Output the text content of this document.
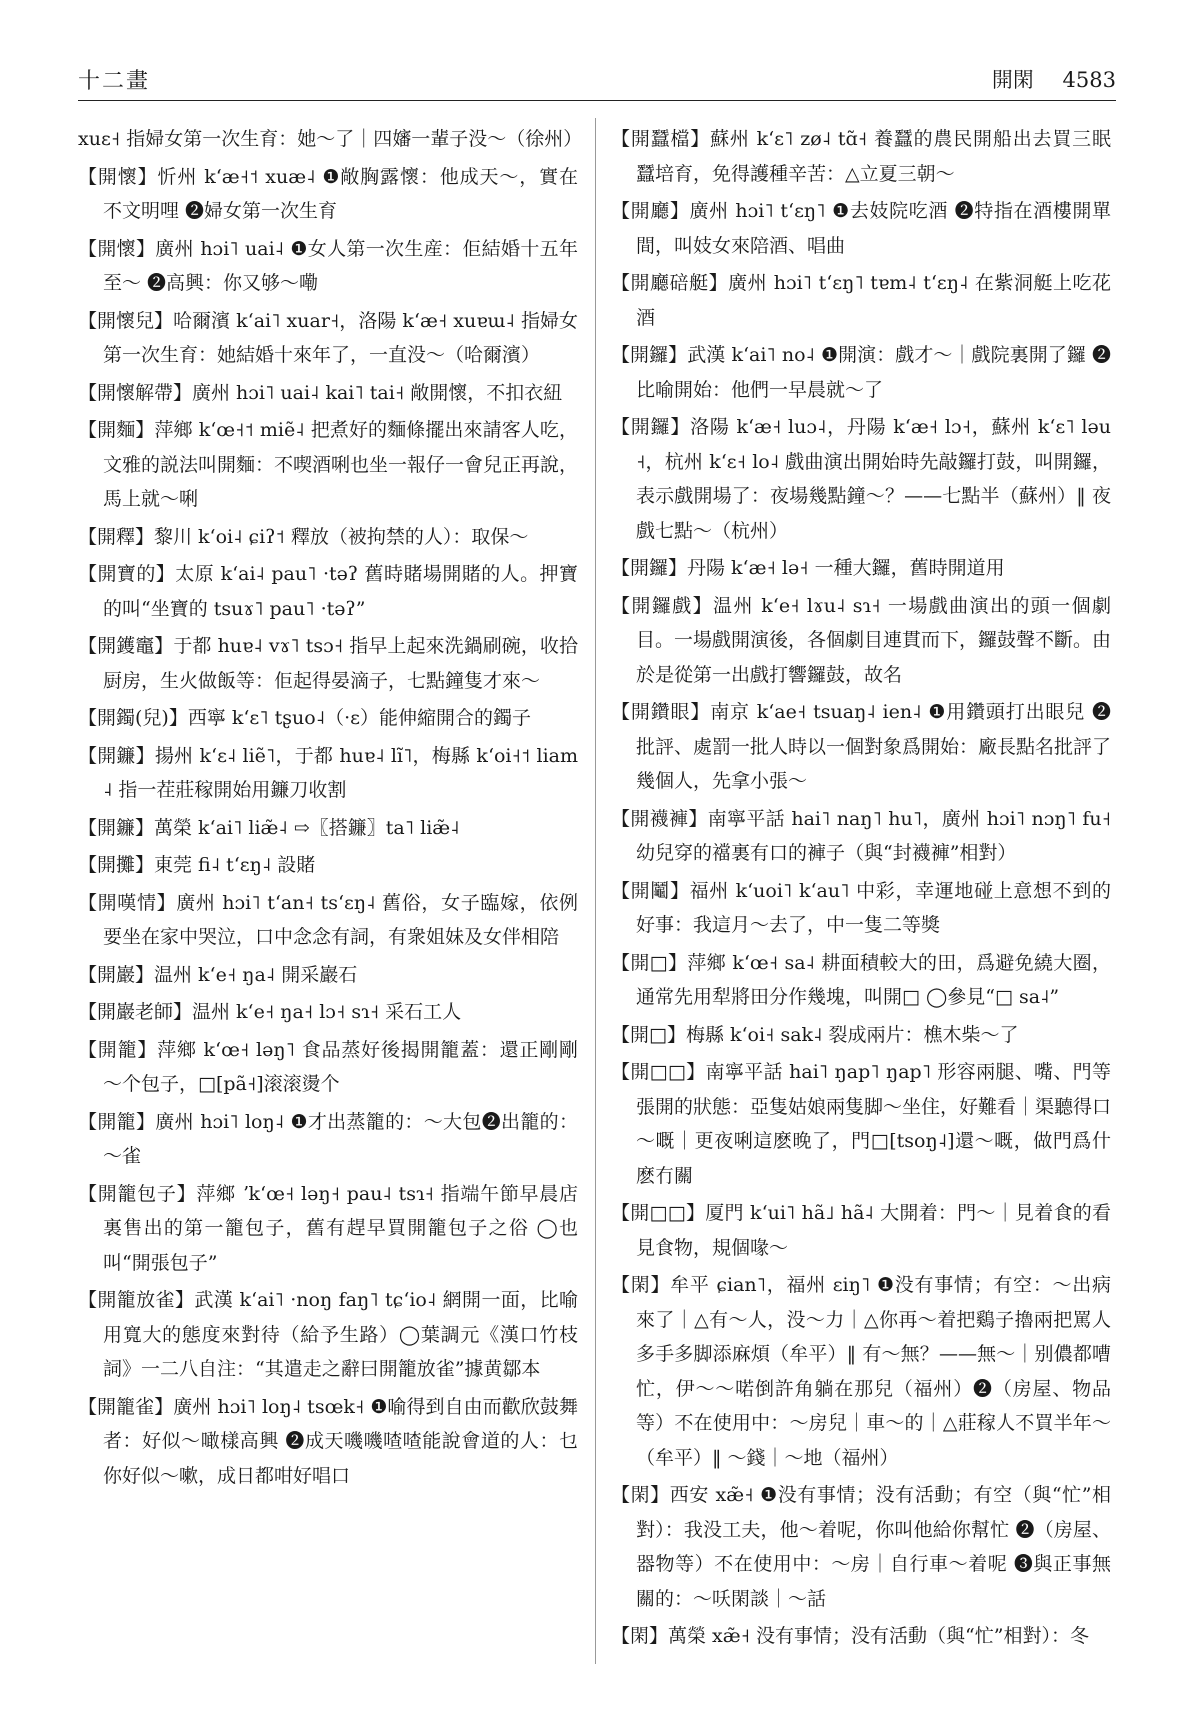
十二畫	開閑 4583

xuɛ˧ 指婦女第一次生育：她～了｜四嬸一輩子没～（徐州）

【開懷】忻州 kʻæ˧˦ xuæ˨ ❶敞胸露懷：他成天～，實在不文明哩 ❷婦女第一次生育

【開懷】廣州 hɔi˥ uai˨ ❶女人第一次生産：佢結婚十五年至～ ❷高興：你又够～嘞

【開懷兒】哈爾濱 kʻai˥ xuar˧，洛陽 kʻæ˧ xuɐɯ˨ 指婦女第一次生育：她結婚十來年了，一直没～（哈爾濱）

【開懷解帶】廣州 hɔi˥ uai˨ kai˥ tai˧ 敞開懷，不扣衣紐

【開麵】萍鄉 kʻœ˧˦ miẽ˨ 把煮好的麵條擺出來請客人吃，文雅的説法叫開麵：不喫酒唎也坐一報仔一會兒正再說，馬上就～唎

【開釋】黎川 kʻoi˨ ɕiʔ˦ 釋放（被拘禁的人）：取保～

【開寶的】太原 kʻai˨ pau˥ ·təʔ 舊時賭場開賭的人。押寶的叫“坐寶的 tsuɤ˥ pau˥ ·təʔ”

【開鑊竈】于都 huɐ˨ vɤ˥ tsɔ˧ 指早上起來洗鍋刷碗，收拾厨房，生火做飯等：佢起得晏滴子，七點鐘隻才來～

【開鐲(兒)】西寧 kʻɛ˥ tʂuo˨（·ɛ）能伸縮開合的鐲子

【開鐮】揚州 kʻɛ˨ liẽ˥，于都 huɐ˨ lĩ˥，梅縣 kʻoi˧˦ liam˨ 指一茬莊稼開始用鐮刀收割

【開鐮】萬榮 kʻai˥ liæ̃˨ ⇨〖搭鐮〗ta˥ liæ̃˨

【開攤】東莞 fi˨ tʻɛŋ˨ 設賭

【開嘆情】廣州 hɔi˥ tʻan˧ tsʻɛŋ˨ 舊俗，女子臨嫁，依例要坐在家中哭泣，口中念念有詞，有衆姐妹及女伴相陪

【開巖】温州 kʻe˧ ŋa˨ 開采巖石

【開巖老師】温州 kʻe˧ ŋa˧ lɔ˧ sɿ˧ 采石工人

【開籠】萍鄉 kʻœ˧ ləŋ˥ 食品蒸好後揭開籠蓋：還正剛剛～个包子，□[pã˧]滚滚燙个

【開籠】廣州 hɔi˥ loŋ˨ ❶才出蒸籠的：～大包❷出籠的：～雀

【開籠包子】萍鄉 ʼkʻœ˧ ləŋ˧ pau˨ tsɿ˧ 指端午節早晨店裏售出的第一籠包子，舊有趕早買開籠包子之俗 ◯也叫“開張包子”

【開籠放雀】武漢 kʻai˥ ·noŋ faŋ˥ tɕʻio˨ 網開一面，比喻用寬大的態度來對待（給予生路）◯葉調元《漢口竹枝詞》一二八自注：“其遣走之辭曰開籠放雀”據黄鄒本

【開籠雀】廣州 hɔi˥ loŋ˨ tsœk˧ ❶喻得到自由而歡欣鼓舞者：好似～噉樣高興 ❷成天嘰嘰喳喳能說會道的人：乜你好似～嗽，成日都咁好唱口

【開蠶檔】蘇州 kʻɛ˥ zø˨ tɑ̃˧ 養蠶的農民開船出去買三眠蠶培育，免得護種辛苦：△立夏三朝～

【開廳】廣州 hɔi˥ tʻɛŋ˥ ❶去妓院吃酒 ❷特指在酒樓開單間，叫妓女來陪酒、唱曲

【開廳碚艇】廣州 hɔi˥ tʻɛŋ˥ tɐm˨ tʻɛŋ˨ 在紫洞艇上吃花酒

【開鑼】武漢 kʻai˥ no˨ ❶開演：戲才～｜戲院裏開了鑼 ❷比喻開始：他們一早晨就～了

【開鑼】洛陽 kʻæ˧ luɔ˨，丹陽 kʻæ˧ lɔ˧，蘇州 kʻɛ˥ ləu˧，杭州 kʻɛ˧ lo˨ 戲曲演出開始時先敲鑼打鼓，叫開鑼，表示戲開場了：夜場幾點鐘～？——七點半（蘇州）‖ 夜戲七點～（杭州）

【開鑼】丹陽 kʻæ˧ lə˧ 一種大鑼，舊時開道用

【開鑼戲】温州 kʻe˧ lɤu˨ sɿ˧ 一場戲曲演出的頭一個劇目。一場戲開演後，各個劇目連貫而下，鑼鼓聲不斷。由於是從第一出戲打響鑼鼓，故名

【開鑽眼】南京 kʻae˧ tsuaŋ˨ ien˨ ❶用鑽頭打出眼兒 ❷批評、處罰一批人時以一個對象爲開始：廠長點名批評了幾個人，先拿小張～

【開襪褲】南寧平話 hai˥ naŋ˥ hu˥，廣州 hɔi˥ nɔŋ˥ fu˧ 幼兒穿的襠裏有口的褲子（與“封襪褲”相對）

【開鬮】福州 kʻuoi˥ kʻau˥ 中彩，幸運地碰上意想不到的好事：我這月～去了，中一隻二等獎

【開□】萍鄉 kʻœ˧ sa˨ 耕面積較大的田，爲避免繞大圈，通常先用犁將田分作幾塊，叫開□ ◯參見“□ sa˨”

【開□】梅縣 kʻoi˧ sak˨ 裂成兩片：樵木柴～了

【開□□】南寧平話 hai˥ ŋap˥ ŋap˥ 形容兩腿、嘴、門等張開的狀態：亞隻姑娘兩隻脚～坐住，好難看｜渠聽得口～嘅｜更夜唎這麽晚了，門□[tsoŋ˨]還～嘅，做門爲什麽冇關

【開□□】厦門 kʻui˥ hã˩ hã˨ 大開着：門～｜見着食的看見食物，規個喙～

【閑】牟平 ɕian˥，福州 ɛiŋ˥ ❶没有事情；有空：～出病來了｜△有～人，没～力｜△你再～着把鷄子擼兩把罵人多手多脚添麻煩（牟平）‖ 有～無？——無～｜别儂都嘈忙，伊～～喏倒許角躺在那兒（福州）❷（房屋、物品等）不在使用中：～房兒｜車～的｜△莊稼人不買半年～（牟平）‖ ～錢｜～地（福州）

【閑】西安 xæ̃˧ ❶没有事情；没有活動；有空（與“忙”相對）：我没工夫，他～着呢，你叫他給你幫忙 ❷（房屋、器物等）不在使用中：～房｜自行車～着呢 ❸與正事無關的：～㕭閑談｜～話

【閑】萬榮 xæ̃˧ 没有事情；没有活動（與“忙”相對）：冬
